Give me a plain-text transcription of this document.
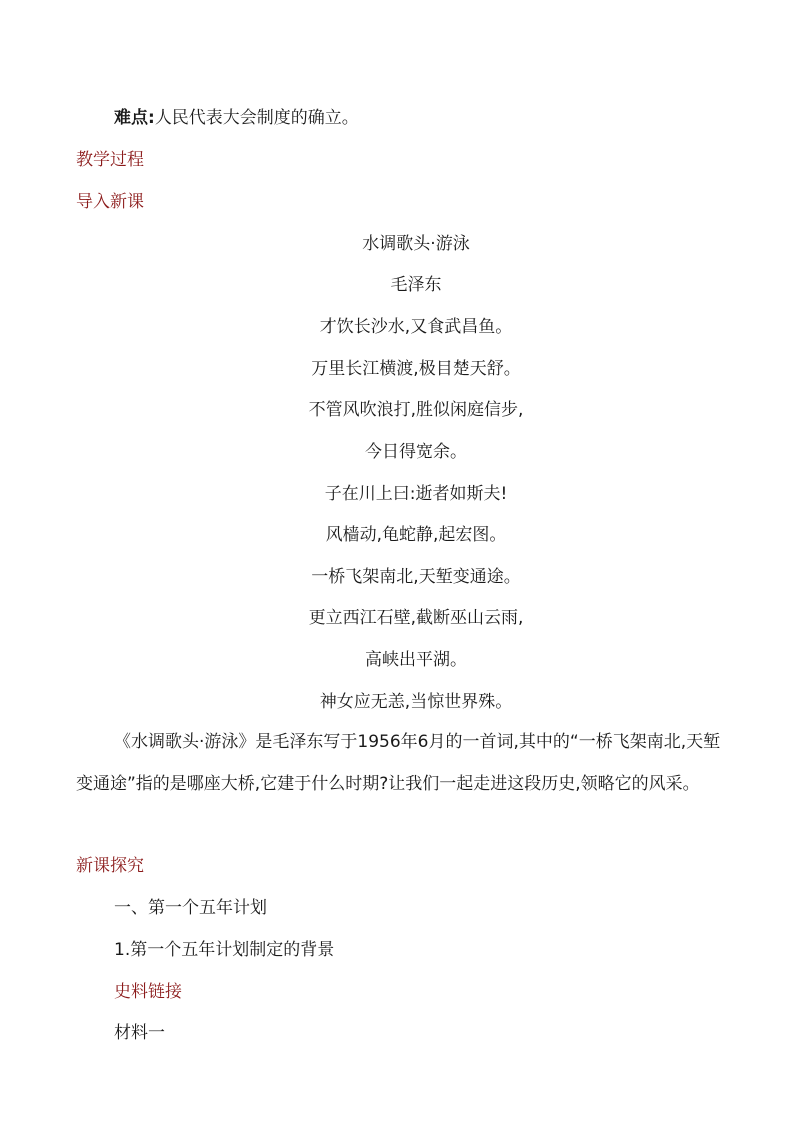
难点:人民代表大会制度的确立。
教学过程
导入新课
水调歌头·游泳
毛泽东
才饮长沙水,又食武昌鱼。
万里长江横渡,极目楚天舒。
不管风吹浪打,胜似闲庭信步,
今日得宽余。
子在川上曰:逝者如斯夫!
风樯动,龟蛇静,起宏图。
一桥飞架南北,天堑变通途。
更立西江石壁,截断巫山云雨,
高峡出平湖。
神女应无恙,当惊世界殊。
《水调歌头·游泳》是毛泽东写于1956年6月的一首词,其中的“一桥飞架南北,天堑变通途”指的是哪座大桥,它建于什么时期?让我们一起走进这段历史,领略它的风采。
新课探究
一、第一个五年计划
1.第一个五年计划制定的背景
史料链接
材料一
